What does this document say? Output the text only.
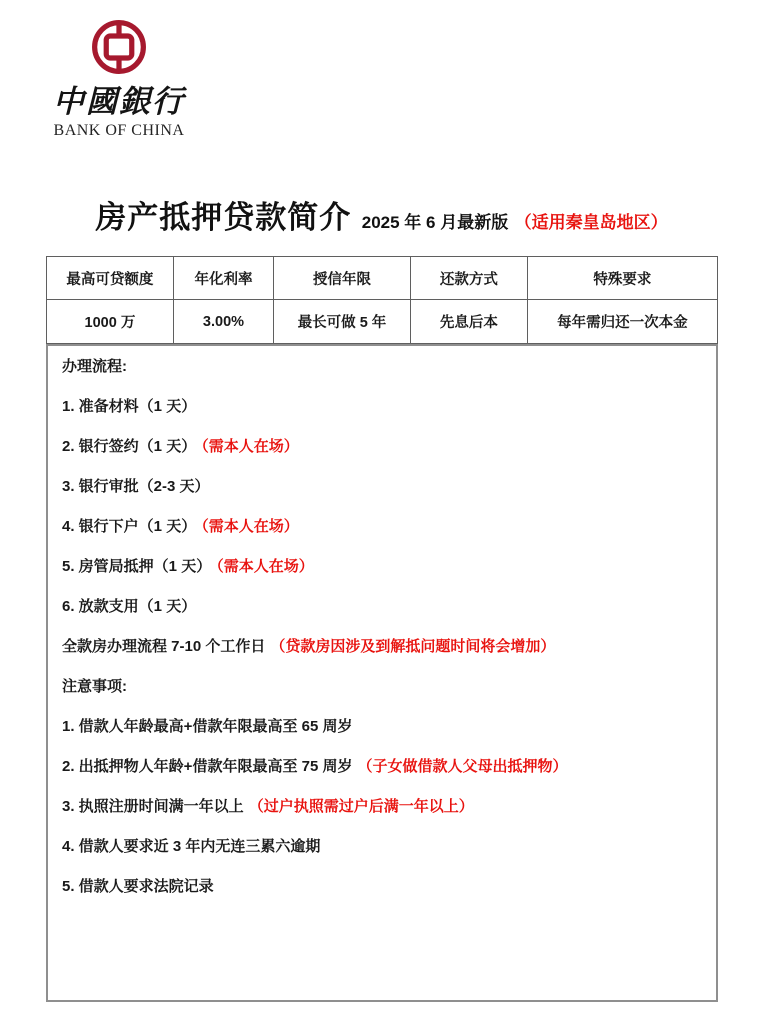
中國銀行
BANK OF CHINA
房产抵押贷款简介 2025 年 6 月最新版 （适用秦皇岛地区）
最高可贷额度	年化利率	授信年限	还款方式	特殊要求
1000 万	3.00%	最长可做 5 年	先息后本	每年需归还一次本金

办理流程:

1. 准备材料（1 天）

2. 银行签约（1 天） （需本人在场）

3. 银行审批（2-3 天）

4. 银行下户（1 天） （需本人在场）

5. 房管局抵押（1 天） （需本人在场）

6. 放款支用（1 天）

全款房办理流程 7-10 个工作日 （贷款房因涉及到解抵问题时间将会增加）

注意事项:

1. 借款人年龄最高+借款年限最高至 65 周岁

2. 出抵押物人年龄+借款年限最高至 75 周岁 （子女做借款人父母出抵押物）

3. 执照注册时间满一年以上 （过户执照需过户后满一年以上）

4. 借款人要求近 3 年内无连三累六逾期

5. 借款人要求法院记录
